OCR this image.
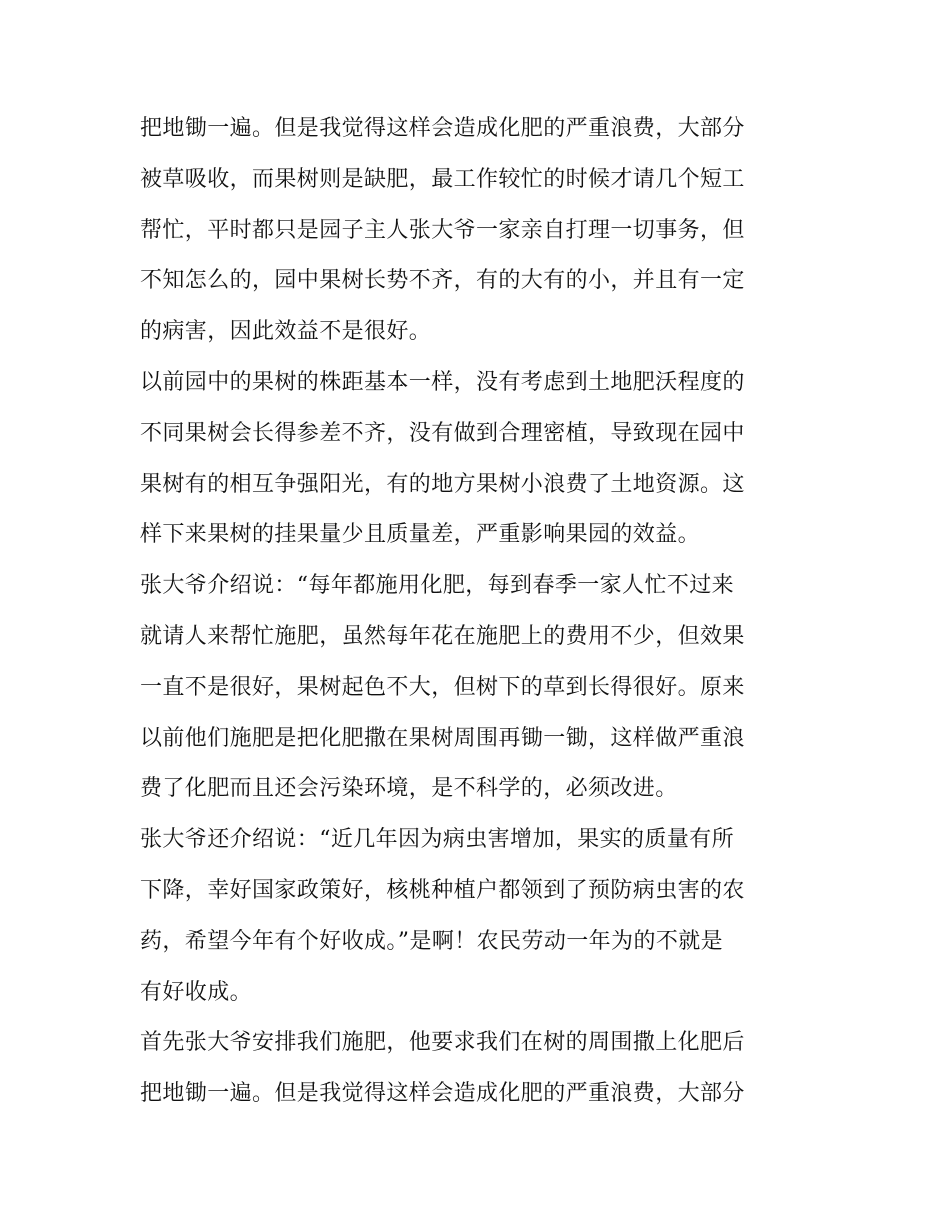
把地锄一遍。但是我觉得这样会造成化肥的严重浪费，大部分
被草吸收，而果树则是缺肥，最工作较忙的时候才请几个短工
帮忙，平时都只是园子主人张大爷一家亲自打理一切事务，但
不知怎么的，园中果树长势不齐，有的大有的小，并且有一定
的病害，因此效益不是很好。
以前园中的果树的株距基本一样，没有考虑到土地肥沃程度的
不同果树会长得参差不齐，没有做到合理密植，导致现在园中
果树有的相互争强阳光，有的地方果树小浪费了土地资源。这
样下来果树的挂果量少且质量差，严重影响果园的效益。
张大爷介绍说：“每年都施用化肥，每到春季一家人忙不过来
就请人来帮忙施肥，虽然每年花在施肥上的费用不少，但效果
一直不是很好，果树起色不大，但树下的草到长得很好。原来
以前他们施肥是把化肥撒在果树周围再锄一锄，这样做严重浪
费了化肥而且还会污染环境，是不科学的，必须改进。
张大爷还介绍说：“近几年因为病虫害增加，果实的质量有所
下降，幸好国家政策好，核桃种植户都领到了预防病虫害的农
药，希望今年有个好收成。”是啊！农民劳动一年为的不就是
有好收成。
首先张大爷安排我们施肥，他要求我们在树的周围撒上化肥后
把地锄一遍。但是我觉得这样会造成化肥的严重浪费，大部分
